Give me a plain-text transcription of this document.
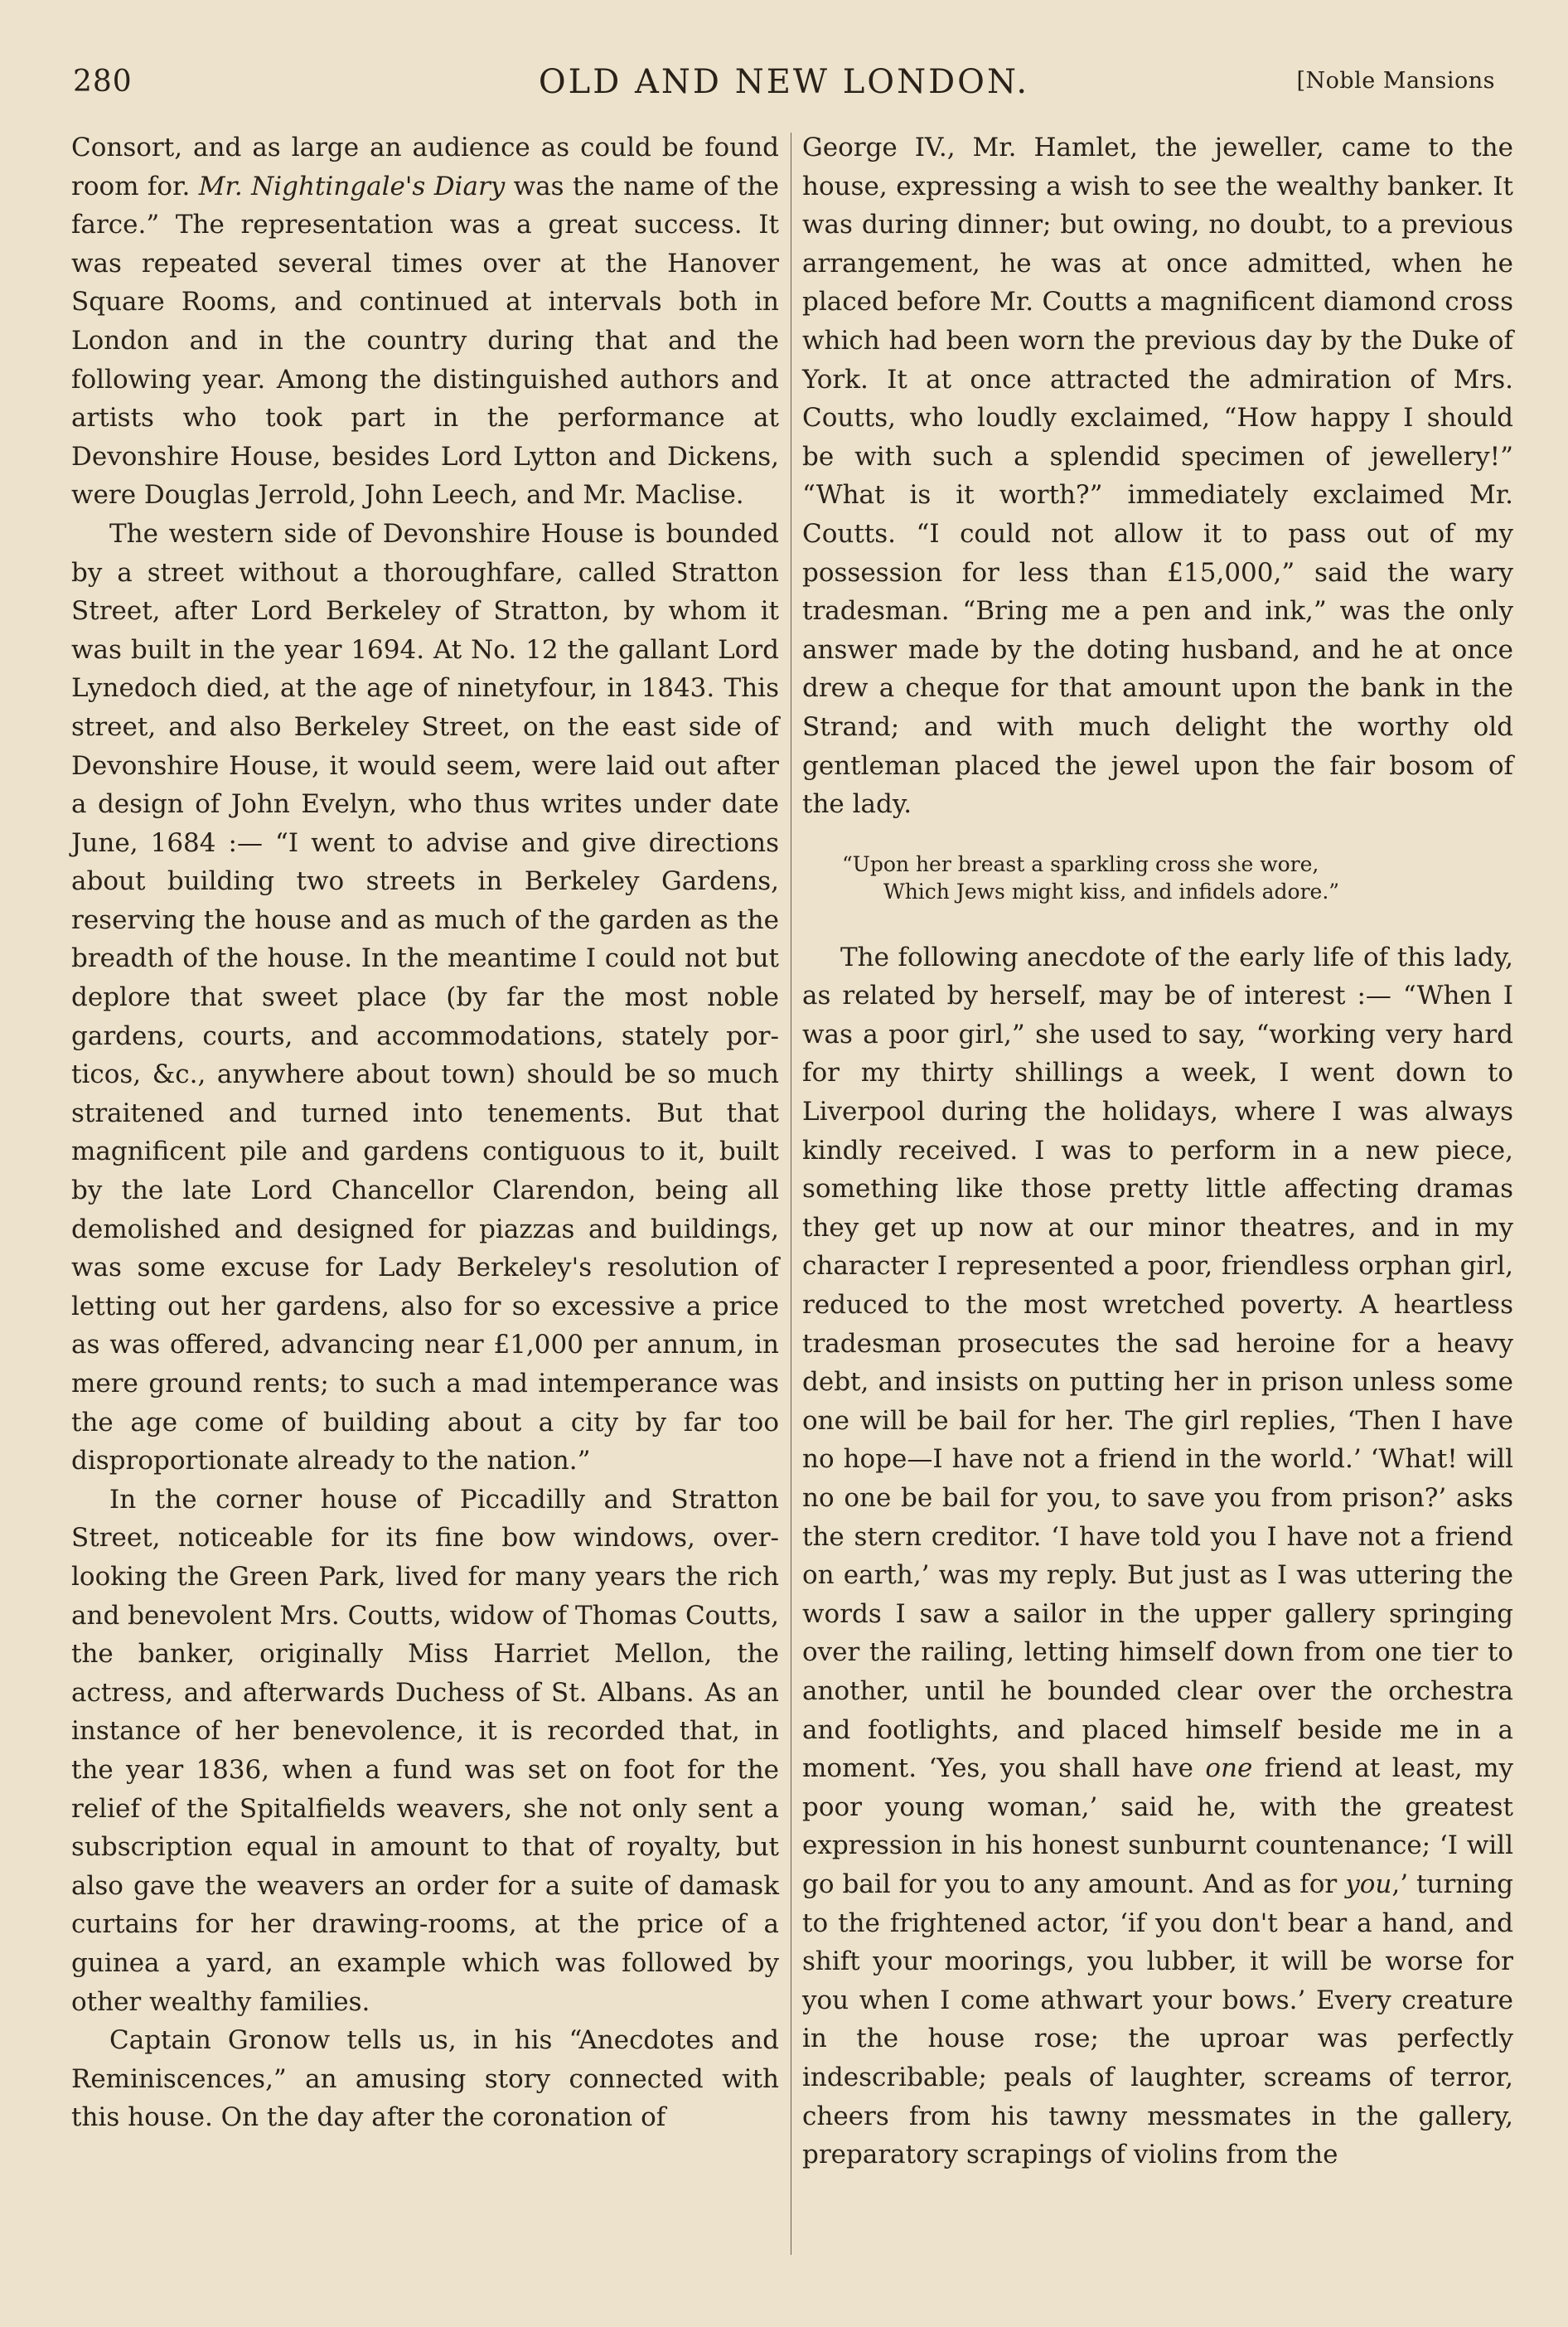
280	OLD AND NEW LONDON.	[Noble Mansions

Consort, and as large an audience as could be found room for. Mr. Nightingale's Diary was the name of the farce.” The representation was a great success. It was repeated several times over at the Hanover Square Rooms, and continued at intervals both in London and in the country during that and the following year. Among the distinguished authors and artists who took part in the performance at Devonshire House, besides Lord Lytton and Dickens, were Douglas Jerrold, John Leech, and Mr. Maclise.

The western side of Devonshire House is bounded by a street without a thoroughfare, called Stratton Street, after Lord Berkeley of Stratton, by whom it was built in the year 1694. At No. 12 the gallant Lord Lynedoch died, at the age of ninetyfour, in 1843. This street, and also Berkeley Street, on the east side of Devonshire House, it would seem, were laid out after a design of John Evelyn, who thus writes under date June, 1684 :— “I went to advise and give directions about building two streets in Berkeley Gardens, reserving the house and as much of the garden as the breadth of the house. In the meantime I could not but deplore that sweet place (by far the most noble gardens, courts, and accommodations, stately porticos, &c., anywhere about town) should be so much straitened and turned into tenements. But that magnificent pile and gardens contiguous to it, built by the late Lord Chancellor Clarendon, being all demolished and designed for piazzas and buildings, was some excuse for Lady Berkeley's resolution of letting out her gardens, also for so excessive a price as was offered, advancing near £1,000 per annum, in mere ground rents; to such a mad intemperance was the age come of building about a city by far too disproportionate already to the nation.”

In the corner house of Piccadilly and Stratton Street, noticeable for its fine bow windows, overlooking the Green Park, lived for many years the rich and benevolent Mrs. Coutts, widow of Thomas Coutts, the banker, originally Miss Harriet Mellon, the actress, and afterwards Duchess of St. Albans. As an instance of her benevolence, it is recorded that, in the year 1836, when a fund was set on foot for the relief of the Spitalfields weavers, she not only sent a subscription equal in amount to that of royalty, but also gave the weavers an order for a suite of damask curtains for her drawing-rooms, at the price of a guinea a yard, an example which was followed by other wealthy families.

Captain Gronow tells us, in his “Anecdotes and Reminiscences,” an amusing story connected with this house. On the day after the coronation of

George IV., Mr. Hamlet, the jeweller, came to the house, expressing a wish to see the wealthy banker. It was during dinner; but owing, no doubt, to a previous arrangement, he was at once admitted, when he placed before Mr. Coutts a magnificent diamond cross which had been worn the previous day by the Duke of York. It at once attracted the admiration of Mrs. Coutts, who loudly exclaimed, “How happy I should be with such a splendid specimen of jewellery!” “What is it worth?” immediately exclaimed Mr. Coutts. “I could not allow it to pass out of my possession for less than £15,000,” said the wary tradesman. “Bring me a pen and ink,” was the only answer made by the doting husband, and he at once drew a cheque for that amount upon the bank in the Strand; and with much delight the worthy old gentleman placed the jewel upon the fair bosom of the lady.

“Upon her breast a sparkling cross she wore,
Which Jews might kiss, and infidels adore.”

The following anecdote of the early life of this lady, as related by herself, may be of interest :— “When I was a poor girl,” she used to say, “working very hard for my thirty shillings a week, I went down to Liverpool during the holidays, where I was always kindly received. I was to perform in a new piece, something like those pretty little affecting dramas they get up now at our minor theatres, and in my character I represented a poor, friendless orphan girl, reduced to the most wretched poverty. A heartless tradesman prosecutes the sad heroine for a heavy debt, and insists on putting her in prison unless some one will be bail for her. The girl replies, ‘Then I have no hope—I have not a friend in the world.’ ‘What! will no one be bail for you, to save you from prison?’ asks the stern creditor. ‘I have told you I have not a friend on earth,’ was my reply. But just as I was uttering the words I saw a sailor in the upper gallery springing over the railing, letting himself down from one tier to another, until he bounded clear over the orchestra and footlights, and placed himself beside me in a moment. ‘Yes, you shall have one friend at least, my poor young woman,’ said he, with the greatest expression in his honest sunburnt countenance; ‘I will go bail for you to any amount. And as for you,’ turning to the frightened actor, ‘if you don't bear a hand, and shift your moorings, you lubber, it will be worse for you when I come athwart your bows.’ Every creature in the house rose; the uproar was perfectly indescribable; peals of laughter, screams of terror, cheers from his tawny messmates in the gallery, preparatory scrapings of violins from the
